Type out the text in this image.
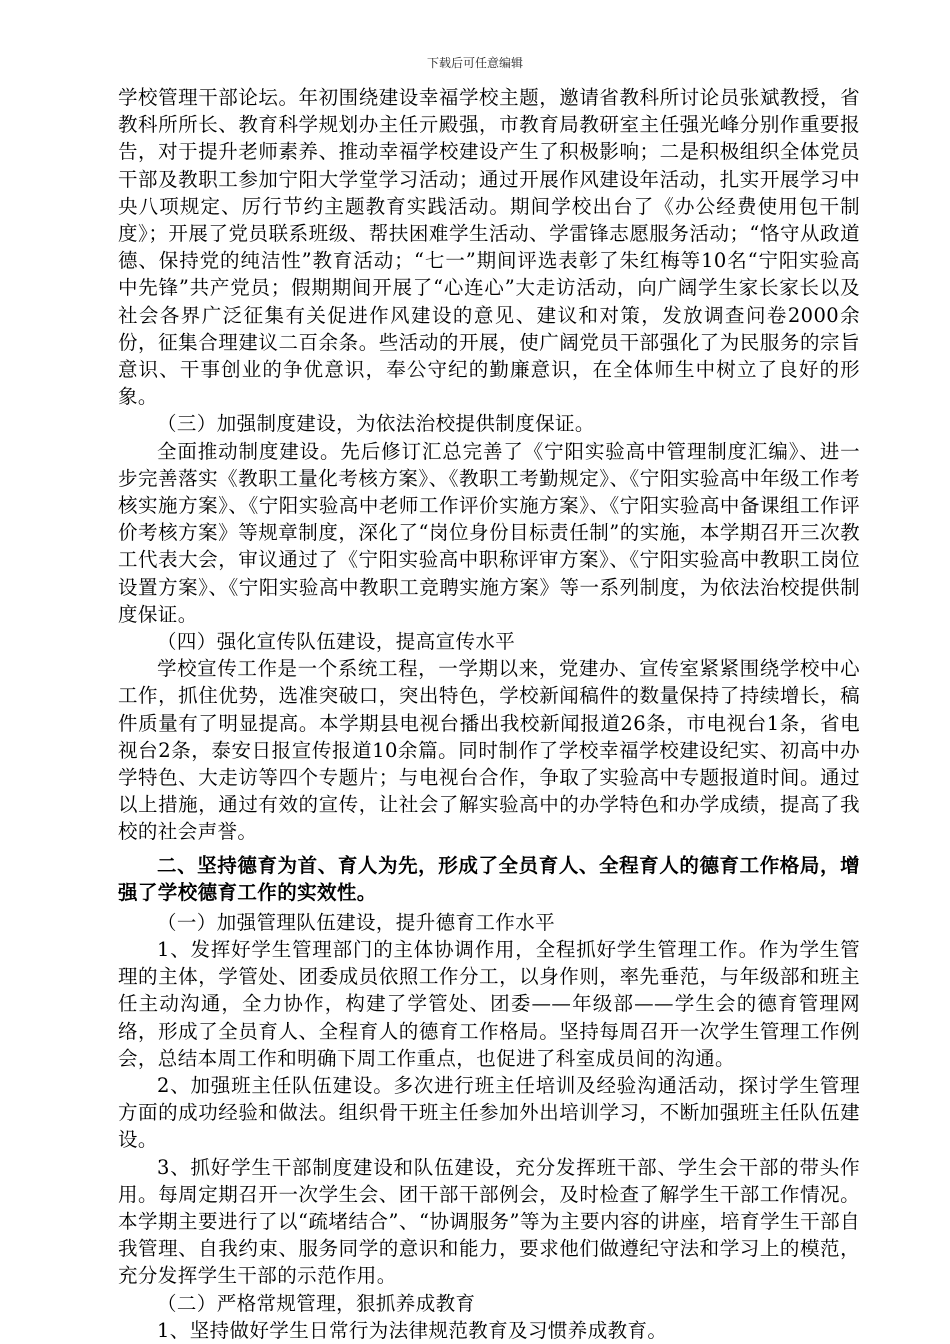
下载后可任意编辑

学校管理干部论坛。年初围绕建设幸福学校主题，邀请省教科所讨论员张斌教授，省教科所所长、教育科学规划办主任亓殿强，市教育局教研室主任强光峰分别作重要报告，对于提升老师素养、推动幸福学校建设产生了积极影响；二是积极组织全体党员干部及教职工参加宁阳大学堂学习活动；通过开展作风建设年活动，扎实开展学习中央八项规定、厉行节约主题教育实践活动。期间学校出台了《办公经费使用包干制度》；开展了党员联系班级、帮扶困难学生活动、学雷锋志愿服务活动；“恪守从政道德、保持党的纯洁性”教育活动；“七一”期间评选表彰了朱红梅等10名“宁阳实验高中先锋”共产党员；假期期间开展了“心连心”大走访活动，向广阔学生家长家长以及社会各界广泛征集有关促进作风建设的意见、建议和对策，发放调查问卷2000余份，征集合理建议二百余条。些活动的开展，使广阔党员干部强化了为民服务的宗旨意识、干事创业的争优意识，奉公守纪的勤廉意识，在全体师生中树立了良好的形象。

（三）加强制度建设，为依法治校提供制度保证。

全面推动制度建设。先后修订汇总完善了《宁阳实验高中管理制度汇编》、进一步完善落实《教职工量化考核方案》、《教职工考勤规定》、《宁阳实验高中年级工作考核实施方案》、《宁阳实验高中老师工作评价实施方案》、《宁阳实验高中备课组工作评价考核方案》等规章制度，深化了“岗位身份目标责任制”的实施，本学期召开三次教工代表大会，审议通过了《宁阳实验高中职称评审方案》、《宁阳实验高中教职工岗位设置方案》、《宁阳实验高中教职工竞聘实施方案》等一系列制度，为依法治校提供制度保证。

（四）强化宣传队伍建设，提高宣传水平

学校宣传工作是一个系统工程，一学期以来，党建办、宣传室紧紧围绕学校中心工作，抓住优势，选准突破口，突出特色，学校新闻稿件的数量保持了持续增长，稿件质量有了明显提高。本学期县电视台播出我校新闻报道26条，市电视台1条，省电视台2条，泰安日报宣传报道10余篇。同时制作了学校幸福学校建设纪实、初高中办学特色、大走访等四个专题片；与电视台合作，争取了实验高中专题报道时间。通过以上措施，通过有效的宣传，让社会了解实验高中的办学特色和办学成绩，提高了我校的社会声誉。

二、坚持德育为首、育人为先，形成了全员育人、全程育人的德育工作格局，增强了学校德育工作的实效性。

（一）加强管理队伍建设，提升德育工作水平

1、发挥好学生管理部门的主体协调作用，全程抓好学生管理工作。作为学生管理的主体，学管处、团委成员依照工作分工，以身作则，率先垂范，与年级部和班主任主动沟通，全力协作，构建了学管处、团委——年级部——学生会的德育管理网络，形成了全员育人、全程育人的德育工作格局。坚持每周召开一次学生管理工作例会，总结本周工作和明确下周工作重点，也促进了科室成员间的沟通。

2、加强班主任队伍建设。多次进行班主任培训及经验沟通活动，探讨学生管理方面的成功经验和做法。组织骨干班主任参加外出培训学习，不断加强班主任队伍建设。

3、抓好学生干部制度建设和队伍建设，充分发挥班干部、学生会干部的带头作用。每周定期召开一次学生会、团干部干部例会，及时检查了解学生干部工作情况。本学期主要进行了以“疏堵结合”、“协调服务”等为主要内容的讲座，培育学生干部自我管理、自我约束、服务同学的意识和能力，要求他们做遵纪守法和学习上的模范，充分发挥学生干部的示范作用。

（二）严格常规管理，狠抓养成教育

1、坚持做好学生日常行为法律规范教育及习惯养成教育。
